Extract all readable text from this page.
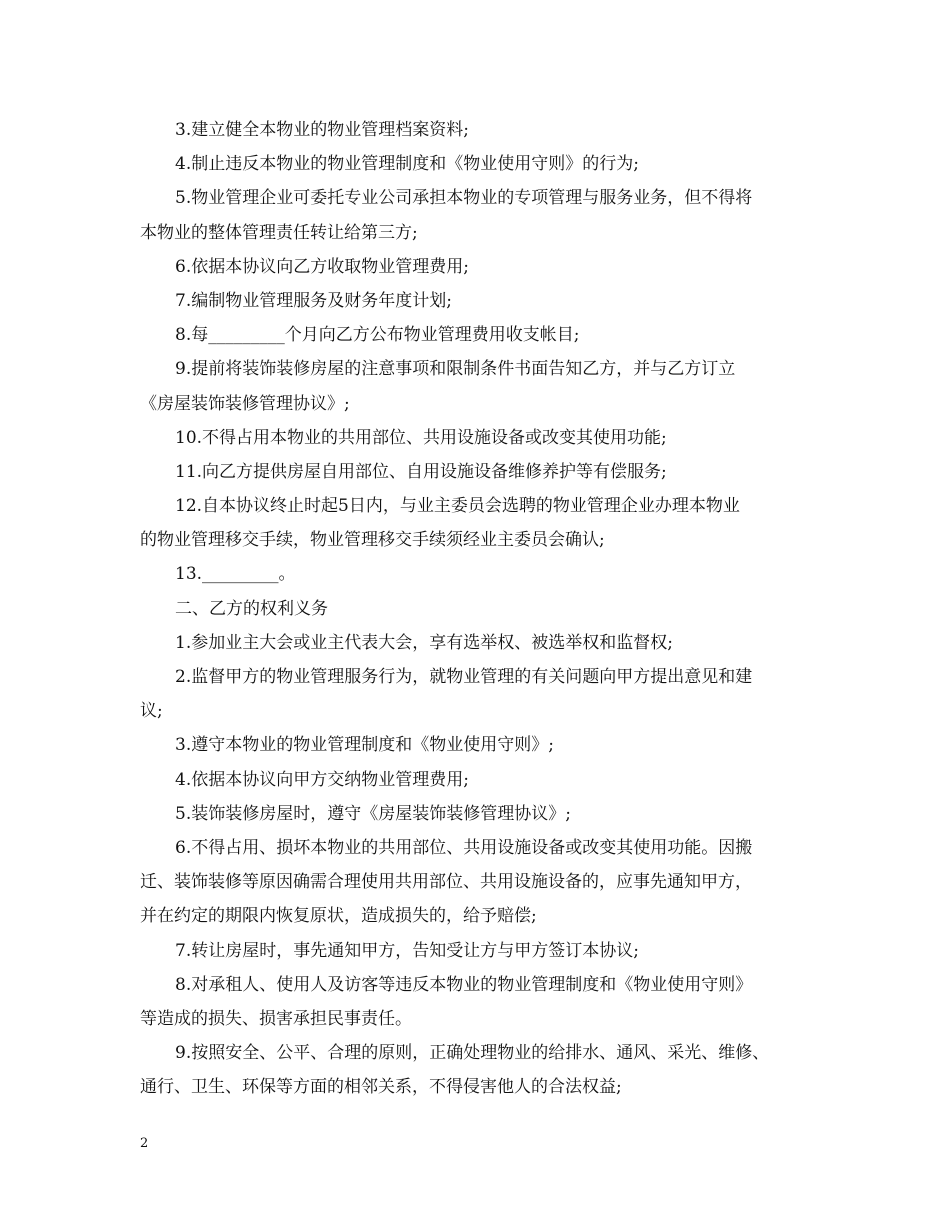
3.建立健全本物业的物业管理档案资料;
4.制止违反本物业的物业管理制度和《物业使用守则》的行为;
5.物业管理企业可委托专业公司承担本物业的专项管理与服务业务，但不得将
本物业的整体管理责任转让给第三方;
6.依据本协议向乙方收取物业管理费用;
7.编制物业管理服务及财务年度计划;
8.每_________个月向乙方公布物业管理费用收支帐目;
9.提前将装饰装修房屋的注意事项和限制条件书面告知乙方，并与乙方订立
《房屋装饰装修管理协议》;
10.不得占用本物业的共用部位、共用设施设备或改变其使用功能;
11.向乙方提供房屋自用部位、自用设施设备维修养护等有偿服务;
12.自本协议终止时起5日内，与业主委员会选聘的物业管理企业办理本物业
的物业管理移交手续，物业管理移交手续须经业主委员会确认;
13._________。
二、乙方的权利义务
1.参加业主大会或业主代表大会，享有选举权、被选举权和监督权;
2.监督甲方的物业管理服务行为，就物业管理的有关问题向甲方提出意见和建
议;
3.遵守本物业的物业管理制度和《物业使用守则》;
4.依据本协议向甲方交纳物业管理费用;
5.装饰装修房屋时，遵守《房屋装饰装修管理协议》;
6.不得占用、损坏本物业的共用部位、共用设施设备或改变其使用功能。因搬
迁、装饰装修等原因确需合理使用共用部位、共用设施设备的，应事先通知甲方，
并在约定的期限内恢复原状，造成损失的，给予赔偿;
7.转让房屋时，事先通知甲方，告知受让方与甲方签订本协议;
8.对承租人、使用人及访客等违反本物业的物业管理制度和《物业使用守则》
等造成的损失、损害承担民事责任。
9.按照安全、公平、合理的原则，正确处理物业的给排水、通风、采光、维修、
通行、卫生、环保等方面的相邻关系，不得侵害他人的合法权益;
2
